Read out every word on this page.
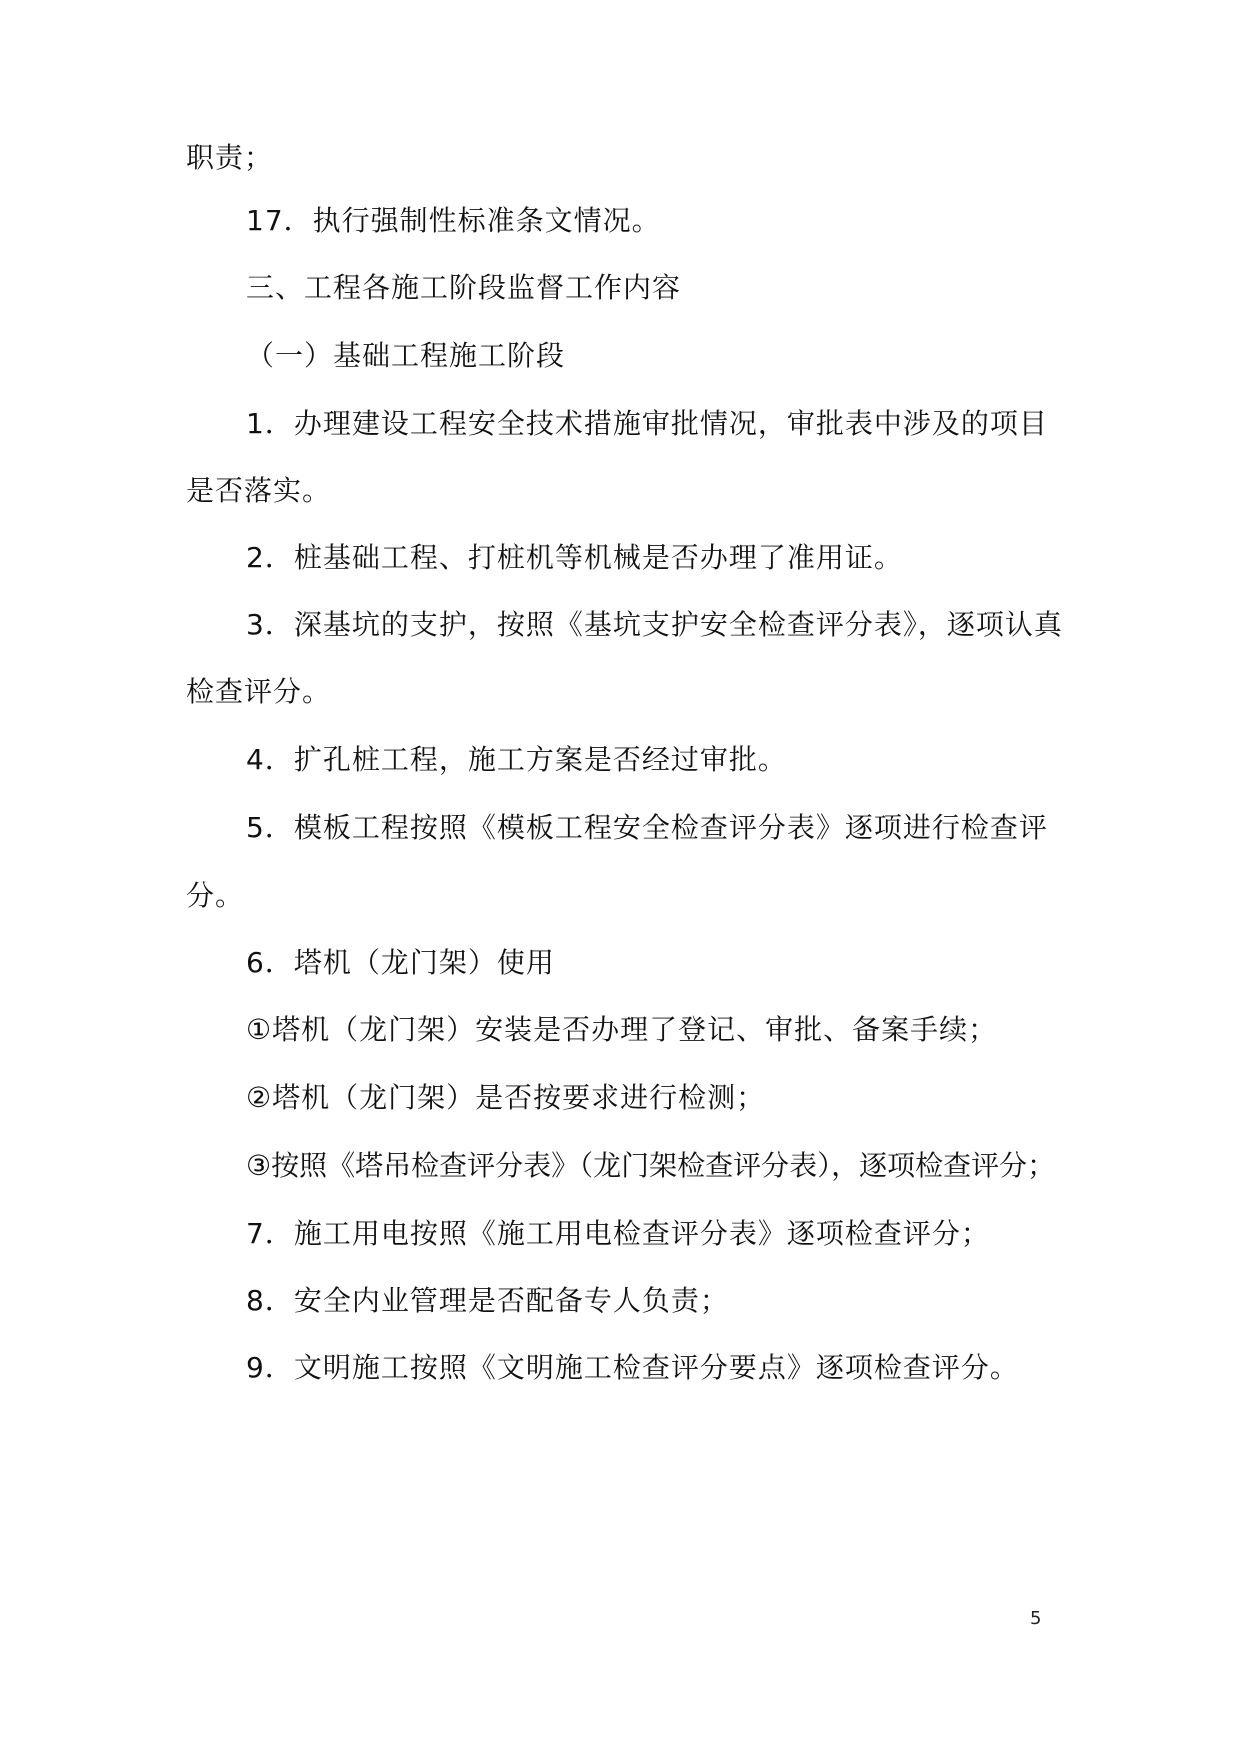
职责；
17．执行强制性标准条文情况。
三、工程各施工阶段监督工作内容
（一）基础工程施工阶段
1．办理建设工程安全技术措施审批情况，审批表中涉及的项目
是否落实。
2．桩基础工程、打桩机等机械是否办理了准用证。
3．深基坑的支护，按照《基坑支护安全检查评分表》，逐项认真
检查评分。
4．扩孔桩工程，施工方案是否经过审批。
5．模板工程按照《模板工程安全检查评分表》逐项进行检查评
分。
6．塔机（龙门架）使用
①塔机（龙门架）安装是否办理了登记、审批、备案手续；
②塔机（龙门架）是否按要求进行检测；
③按照《塔吊检查评分表》（龙门架检查评分表），逐项检查评分；
7．施工用电按照《施工用电检查评分表》逐项检查评分；
8．安全内业管理是否配备专人负责；
9．文明施工按照《文明施工检查评分要点》逐项检查评分。
5
